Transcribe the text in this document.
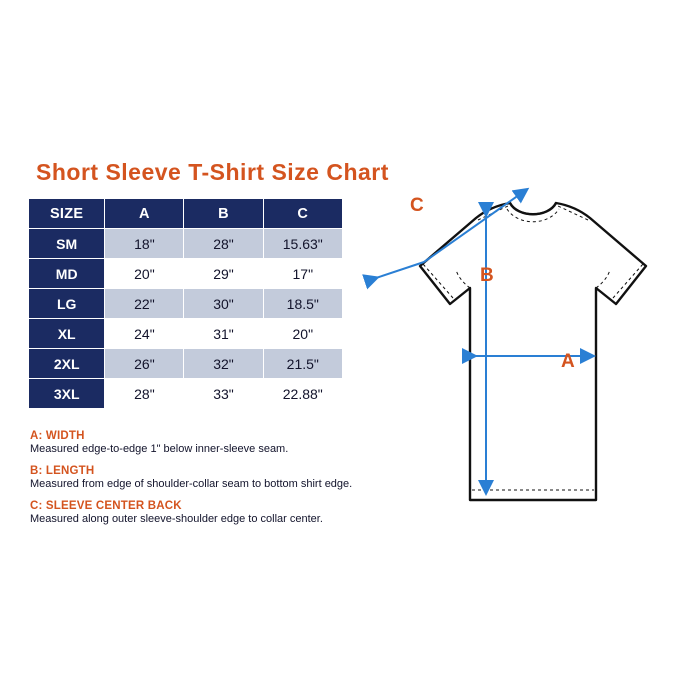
Short Sleeve T-Shirt Size Chart
SIZE	A	B	C
SM	18"	28"	15.63"
MD	20"	29"	17"
LG	22"	30"	18.5"
XL	24"	31"	20"
2XL	26"	32"	21.5"
3XL	28"	33"	22.88"
A: WIDTH
Measured edge-to-edge 1" below inner-sleeve seam.
B: LENGTH
Measured from edge of shoulder-collar seam to bottom shirt edge.
C: SLEEVE CENTER BACK
Measured along outer sleeve-shoulder edge to collar center.
A
B
C
